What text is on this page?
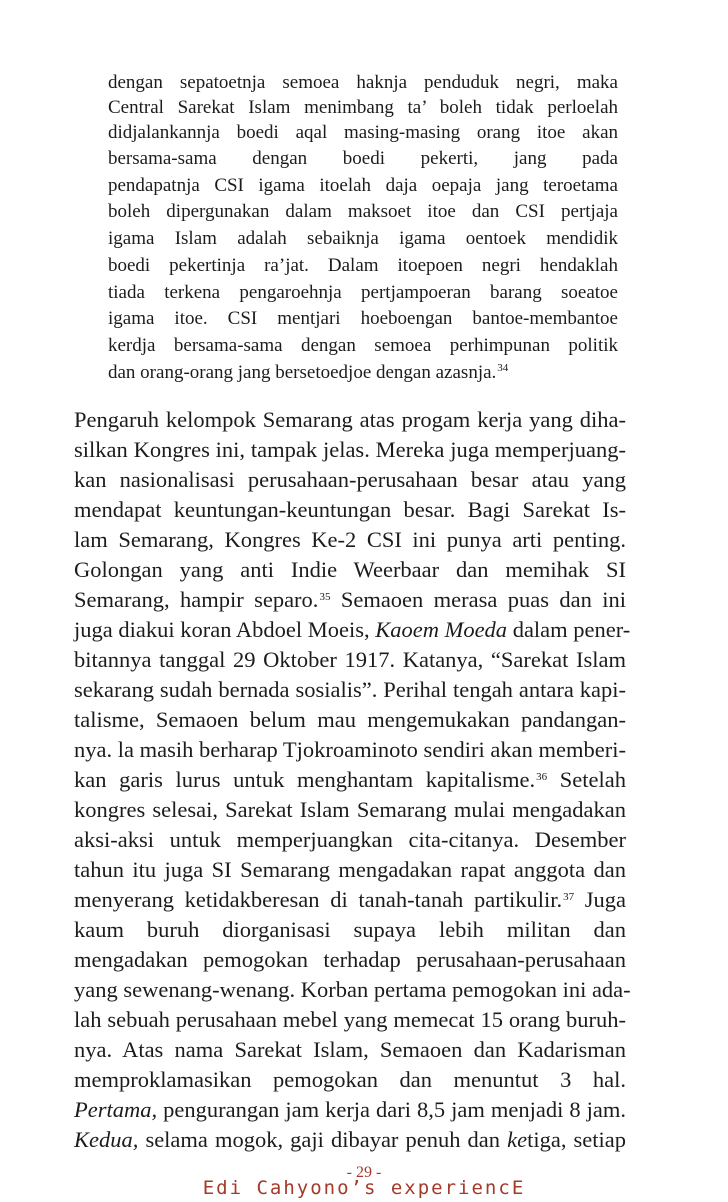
dengan sepatoetnja semoea haknja penduduk negri, maka
Central Sarekat Islam menimbang ta’ boleh tidak perloelah
didjalankannja boedi aqal masing-masing orang itoe akan
bersama-sama dengan boedi pekerti, jang pada
pendapatnja CSI igama itoelah daja oepaja jang teroetama
boleh dipergunakan dalam maksoet itoe dan CSI pertjaja
igama Islam adalah sebaiknja igama oentoek mendidik
boedi pekertinja ra’jat. Dalam itoepoen negri hendaklah
tiada terkena pengaroehnja pertjampoeran barang soeatoe
igama itoe. CSI mentjari hoeboengan bantoe-membantoe
kerdja bersama-sama dengan semoea perhimpunan politik
dan orang-orang jang bersetoedjoe dengan azasnja.$^{34}$
Pengaruh kelompok Semarang atas progam kerja yang diha-
silkan Kongres ini, tampak jelas. Mereka juga memperjuang-
kan nasionalisasi perusahaan-perusahaan besar atau yang
mendapat keuntungan-keuntungan besar. Bagi Sarekat Is-
lam Semarang, Kongres Ke-2 CSI ini punya arti penting.
Golongan yang anti Indie Weerbaar dan memihak SI
Semarang, hampir separo.$^{35}$ Semaoen merasa puas dan ini
juga diakui koran Abdoel Moeis, Kaoem Moeda dalam pener-
bitannya tanggal 29 Oktober 1917. Katanya, “Sarekat Islam
sekarang sudah bernada sosialis”. Perihal tengah antara kapi-
talisme, Semaoen belum mau mengemukakan pandangan-
nya. la masih berharap Tjokroaminoto sendiri akan memberi-
kan garis lurus untuk menghantam kapitalisme.$^{36}$ Setelah
kongres selesai, Sarekat Islam Semarang mulai mengadakan
aksi-aksi untuk memperjuangkan cita-citanya. Desember
tahun itu juga SI Semarang mengadakan rapat anggota dan
menyerang ketidakberesan di tanah-tanah partikulir.$^{37}$ Juga
kaum buruh diorganisasi supaya lebih militan dan
mengadakan pemogokan terhadap perusahaan-perusahaan
yang sewenang-wenang. Korban pertama pemogokan ini ada-
lah sebuah perusahaan mebel yang memecat 15 orang buruh-
nya. Atas nama Sarekat Islam, Semaoen dan Kadarisman
memproklamasikan pemogokan dan menuntut 3 hal.
Pertama, pengurangan jam kerja dari 8,5 jam menjadi 8 jam.
Kedua, selama mogok, gaji dibayar penuh dan ketiga, setiap
- 29 -
Edi Cahyono’s experiencE
